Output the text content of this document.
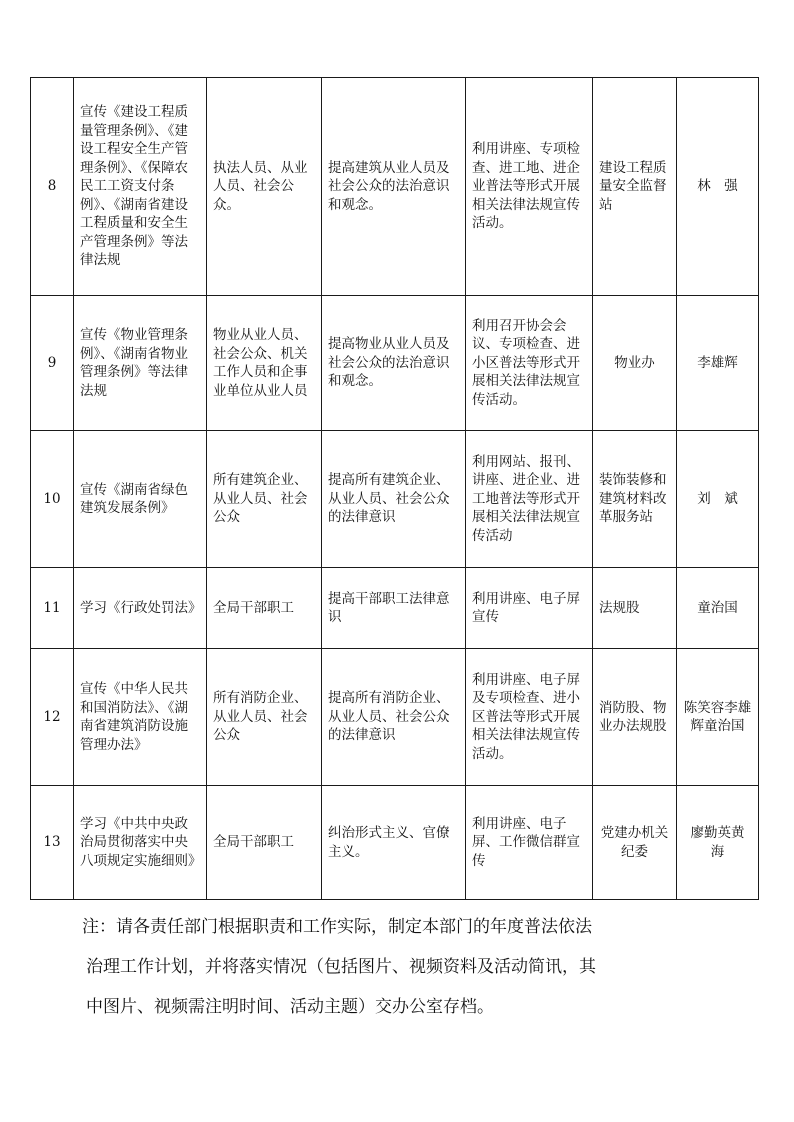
8	宣传《建设工程质量管理条例》、《建设工程安全生产管理条例》、《保障农民工工资支付条例》、《湖南省建设工程质量和安全生产管理条例》等法律法规	执法人员、从业人员、社会公众。	提高建筑从业人员及社会公众的法治意识和观念。	利用讲座、专项检查、进工地、进企业普法等形式开展相关法律法规宣传活动。	建设工程质量安全监督站	林　强
9	宣传《物业管理条例》、《湖南省物业管理条例》等法律法规	物业从业人员、 社会公众、机关工作人员和企事业单位从业人员	提高物业从业人员及社会公众的法治意识和观念。	利用召开协会会议、专项检查、进小区普法等形式开展相关法律法规宣传活动。	物业办	李雄辉
10	宣传《湖南省绿色建筑发展条例》	所有建筑企业、从业人员、社会公众	提高所有建筑企业、从业人员、社会公众的法律意识	利用网站、报刊、讲座、进企业、进工地普法等形式开展相关法律法规宣传活动	装饰装修和建筑材料改革服务站	刘　斌
11	学习《行政处罚法》	全局干部职工	提高干部职工法律意识	利用讲座、电子屏宣传	法规股	童治国
12	宣传《中华人民共和国消防法》、《湖南省建筑消防设施管理办法》	所有消防企业、从业人员、社会公众	提高所有消防企业、从业人员、社会公众的法律意识	利用讲座、电子屏及专项检查、进小区普法等形式开展相关法律法规宣传活动。	消防股、物业办法规股	陈笑容李雄辉童治国
13	学习《中共中央政治局贯彻落实中央八项规定实施细则》	全局干部职工	纠治形式主义、官僚主义。	利用讲座、电子屏、工作微信群宣传	党建办机关纪委	廖勤英黄　海

注：请各责任部门根据职责和工作实际，制定本部门的年度普法依法

治理工作计划，并将落实情况（包括图片、视频资料及活动简讯，其

中图片、视频需注明时间、活动主题）交办公室存档。
